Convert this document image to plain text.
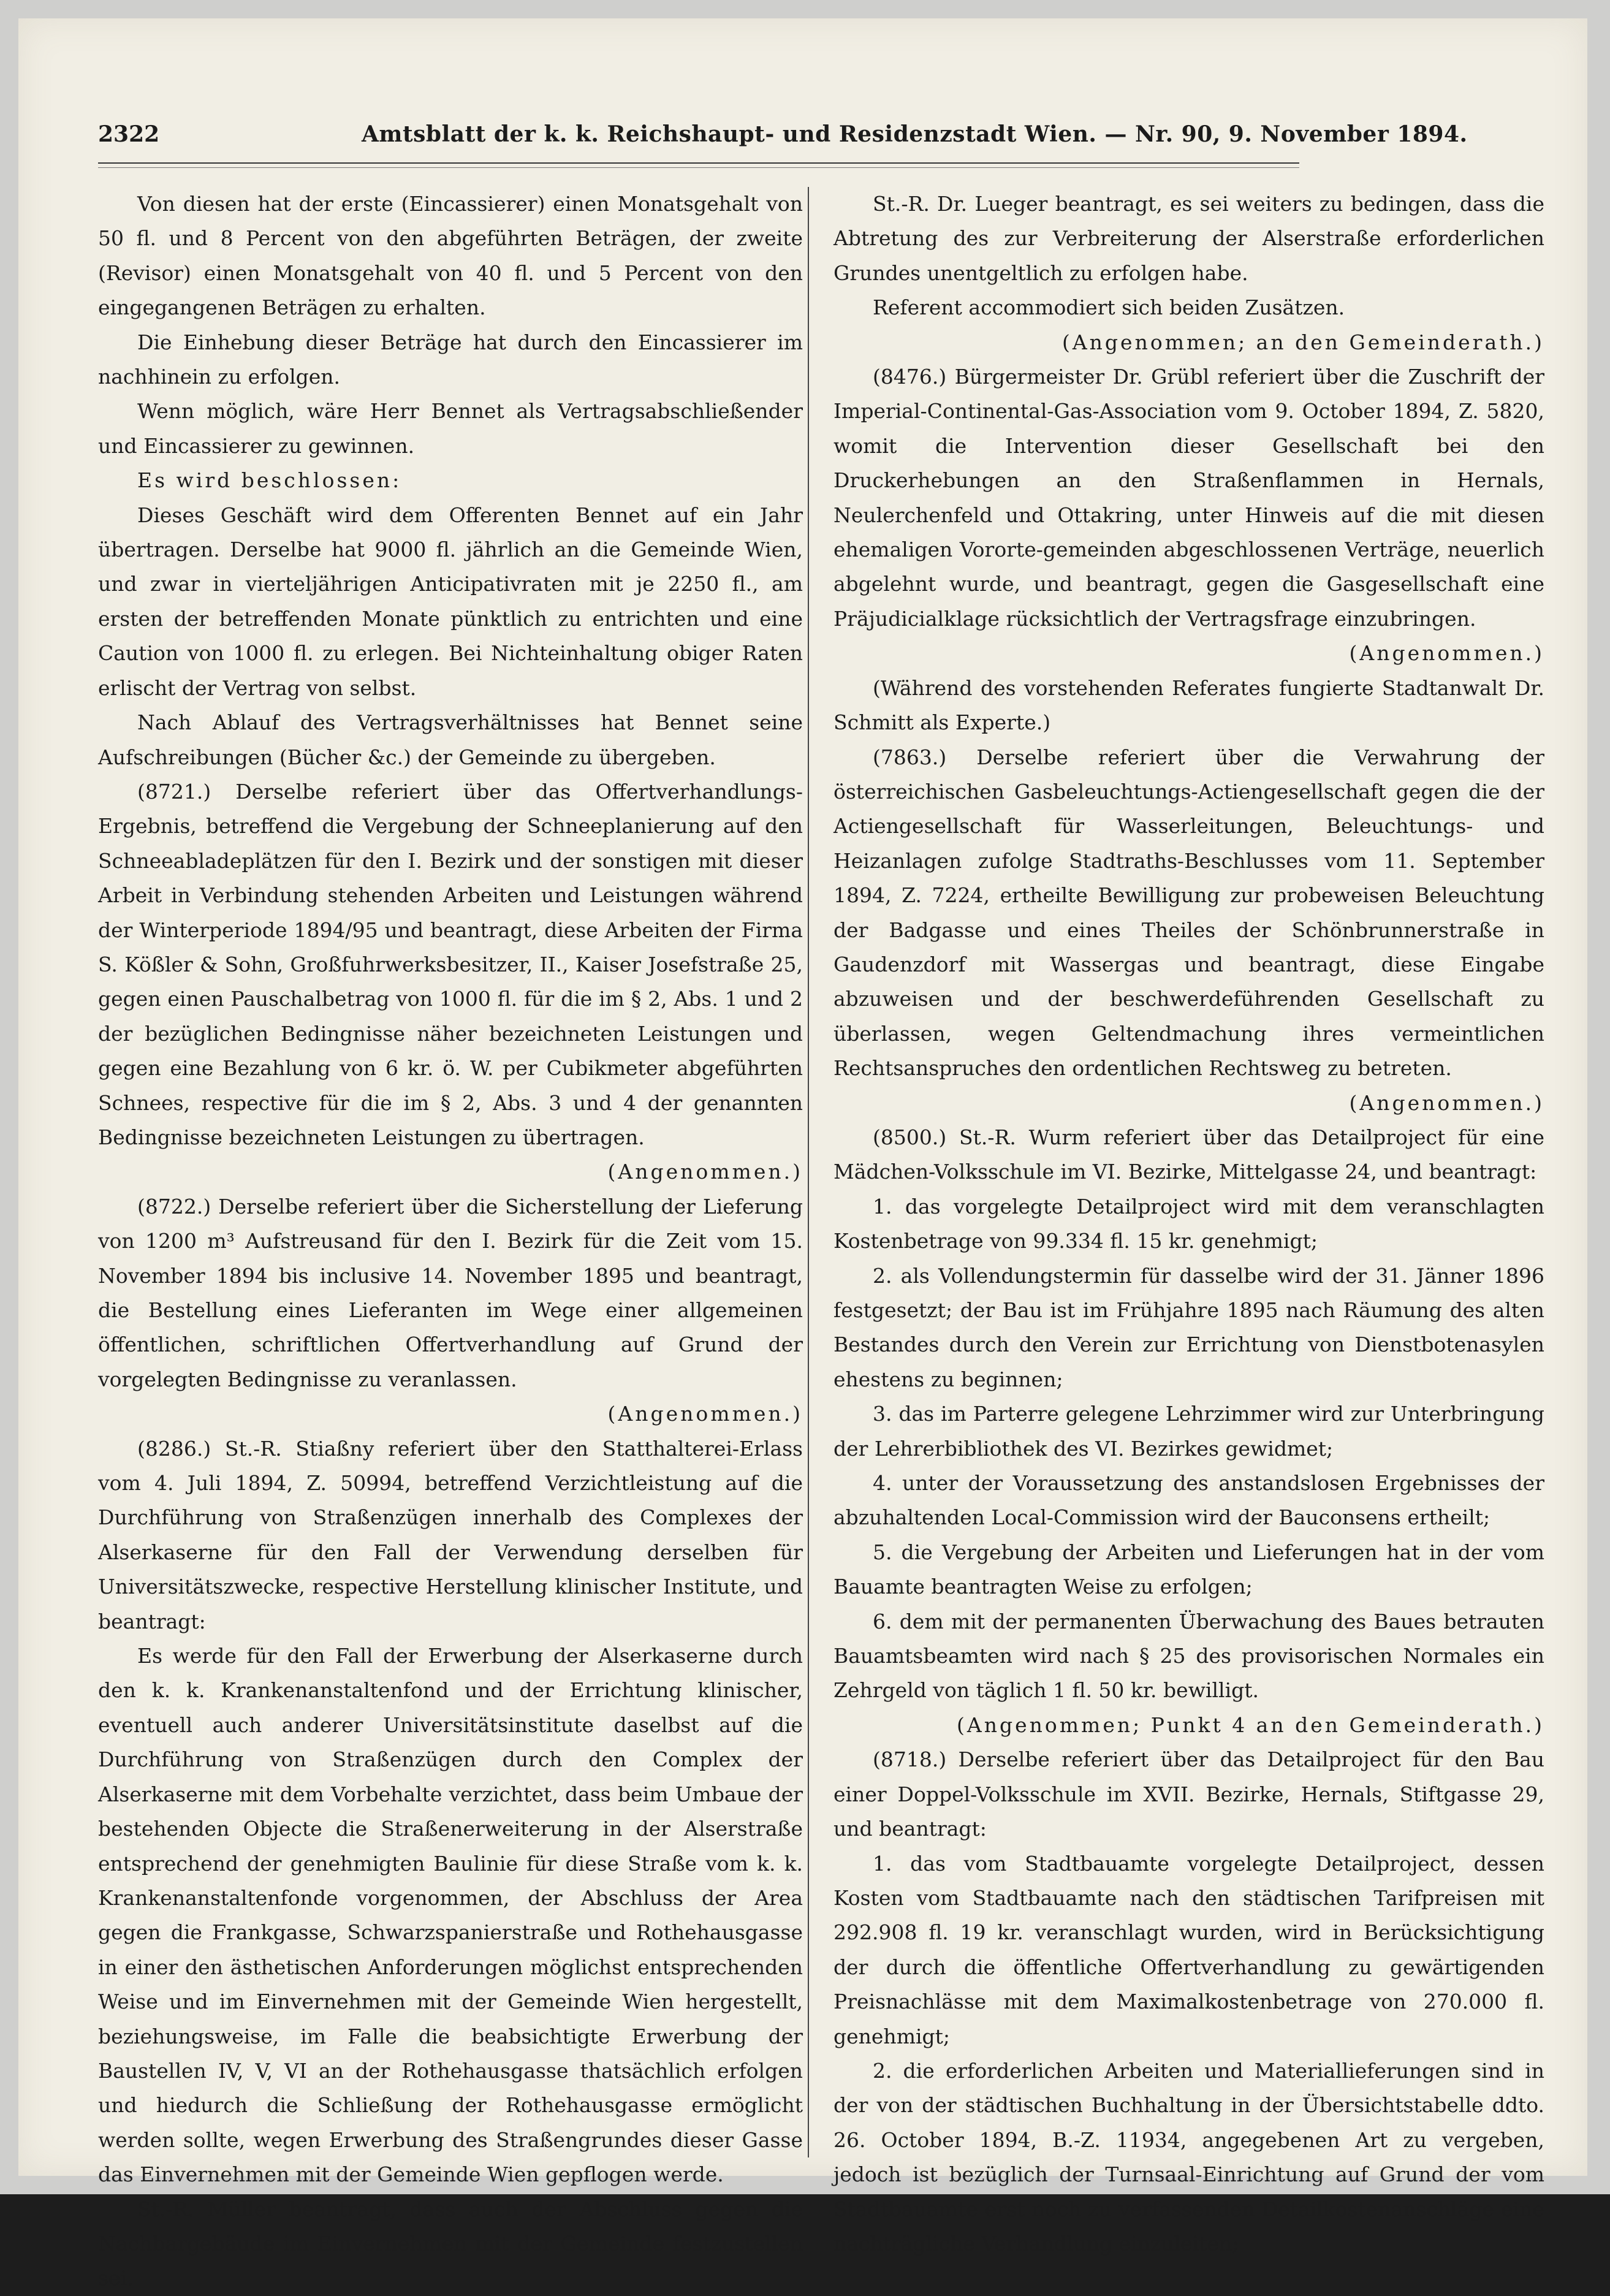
2322	Amtsblatt der k. k. Reichshaupt- und Residenzstadt Wien. — Nr. 90, 9. November 1894.

Von diesen hat der erste (Eincassierer) einen Monatsgehalt von 50 fl. und 8 Percent von den abgeführten Beträgen, der zweite (Revisor) einen Monatsgehalt von 40 fl. und 5 Percent von den eingegangenen Beträgen zu erhalten.

Die Einhebung dieser Beträge hat durch den Eincassierer im nachhinein zu erfolgen.

Wenn möglich, wäre Herr Bennet als Vertragsabschließender und Eincassierer zu gewinnen.

Es wird beschlossen:

Dieses Geschäft wird dem Offerenten Bennet auf ein Jahr übertragen. Derselbe hat 9000 fl. jährlich an die Gemeinde Wien, und zwar in vierteljährigen Anticipativraten mit je 2250 fl., am ersten der betreffenden Monate pünktlich zu entrichten und eine Caution von 1000 fl. zu erlegen. Bei Nichteinhaltung obiger Raten erlischt der Vertrag von selbst.

Nach Ablauf des Vertragsverhältnisses hat Bennet seine Aufschreibungen (Bücher &c.) der Gemeinde zu übergeben.

(8721.) Derselbe referiert über das Offertverhandlungs-Ergebnis, betreffend die Vergebung der Schneeplanierung auf den Schneeabladeplätzen für den I. Bezirk und der sonstigen mit dieser Arbeit in Verbindung stehenden Arbeiten und Leistungen während der Winterperiode 1894/95 und beantragt, diese Arbeiten der Firma S. Kößler & Sohn, Großfuhrwerksbesitzer, II., Kaiser Josefstraße 25, gegen einen Pauschalbetrag von 1000 fl. für die im § 2, Abs. 1 und 2 der bezüglichen Bedingnisse näher bezeichneten Leistungen und gegen eine Bezahlung von 6 kr. ö. W. per Cubikmeter abgeführten Schnees, respective für die im § 2, Abs. 3 und 4 der genannten Bedingnisse bezeichneten Leistungen zu übertragen.

(Angenommen.)

(8722.) Derselbe referiert über die Sicherstellung der Lieferung von 1200 m³ Aufstreusand für den I. Bezirk für die Zeit vom 15. November 1894 bis inclusive 14. November 1895 und beantragt, die Bestellung eines Lieferanten im Wege einer allgemeinen öffentlichen, schriftlichen Offertverhandlung auf Grund der vorgelegten Bedingnisse zu veranlassen.

(Angenommen.)

(8286.) St.-R. Stiaßny referiert über den Statthalterei-Erlass vom 4. Juli 1894, Z. 50994, betreffend Verzichtleistung auf die Durchführung von Straßenzügen innerhalb des Complexes der Alserkaserne für den Fall der Verwendung derselben für Universitätszwecke, respective Herstellung klinischer Institute, und beantragt:

Es werde für den Fall der Erwerbung der Alserkaserne durch den k. k. Krankenanstaltenfond und der Errichtung klinischer, eventuell auch anderer Universitätsinstitute daselbst auf die Durchführung von Straßenzügen durch den Complex der Alserkaserne mit dem Vorbehalte verzichtet, dass beim Umbaue der bestehenden Objecte die Straßenerweiterung in der Alserstraße entsprechend der genehmigten Baulinie für diese Straße vom k. k. Krankenanstaltenfonde vorgenommen, der Abschluss der Area gegen die Frankgasse, Schwarzspanierstraße und Rothehausgasse in einer den ästhetischen Anforderungen möglichst entsprechenden Weise und im Einvernehmen mit der Gemeinde Wien hergestellt, beziehungsweise, im Falle die beabsichtigte Erwerbung der Baustellen IV, V, VI an der Rothehausgasse thatsächlich erfolgen und hiedurch die Schließung der Rothehausgasse ermöglicht werden sollte, wegen Erwerbung des Straßengrundes dieser Gasse das Einvernehmen mit der Gemeinde Wien gepflogen werde.

St.-R. Müller beantragt, dass auch der Abschluss gegen die Nachbargebäude im Einvernehmen mit der Gemeinde festzustellen sei.

St.-R. Dr. Lueger beantragt, es sei weiters zu bedingen, dass die Abtretung des zur Verbreiterung der Alserstraße erforderlichen Grundes unentgeltlich zu erfolgen habe.

Referent accommodiert sich beiden Zusätzen.

(Angenommen; an den Gemeinderath.)

(8476.) Bürgermeister Dr. Grübl referiert über die Zuschrift der Imperial-Continental-Gas-Association vom 9. October 1894, Z. 5820, womit die Intervention dieser Gesellschaft bei den Druckerhebungen an den Straßenflammen in Hernals, Neulerchenfeld und Ottakring, unter Hinweis auf die mit diesen ehemaligen Vororte-gemeinden abgeschlossenen Verträge, neuerlich abgelehnt wurde, und beantragt, gegen die Gasgesellschaft eine Präjudicialklage rücksichtlich der Vertragsfrage einzubringen.

(Angenommen.)

(Während des vorstehenden Referates fungierte Stadtanwalt Dr. Schmitt als Experte.)

(7863.) Derselbe referiert über die Verwahrung der österreichischen Gasbeleuchtungs-Actiengesellschaft gegen die der Actiengesellschaft für Wasserleitungen, Beleuchtungs- und Heizanlagen zufolge Stadtraths-Beschlusses vom 11. September 1894, Z. 7224, ertheilte Bewilligung zur probeweisen Beleuchtung der Badgasse und eines Theiles der Schönbrunnerstraße in Gaudenzdorf mit Wassergas und beantragt, diese Eingabe abzuweisen und der beschwerdeführenden Gesellschaft zu überlassen, wegen Geltendmachung ihres vermeintlichen Rechtsanspruches den ordentlichen Rechtsweg zu betreten.

(Angenommen.)

(8500.) St.-R. Wurm referiert über das Detailproject für eine Mädchen-Volksschule im VI. Bezirke, Mittelgasse 24, und beantragt:

1. das vorgelegte Detailproject wird mit dem veranschlagten Kostenbetrage von 99.334 fl. 15 kr. genehmigt;

2. als Vollendungstermin für dasselbe wird der 31. Jänner 1896 festgesetzt; der Bau ist im Frühjahre 1895 nach Räumung des alten Bestandes durch den Verein zur Errichtung von Dienstbotenasylen ehestens zu beginnen;

3. das im Parterre gelegene Lehrzimmer wird zur Unterbringung der Lehrerbibliothek des VI. Bezirkes gewidmet;

4. unter der Voraussetzung des anstandslosen Ergebnisses der abzuhaltenden Local-Commission wird der Bauconsens ertheilt;

5. die Vergebung der Arbeiten und Lieferungen hat in der vom Bauamte beantragten Weise zu erfolgen;

6. dem mit der permanenten Überwachung des Baues betrauten Bauamtsbeamten wird nach § 25 des provisorischen Normales ein Zehrgeld von täglich 1 fl. 50 kr. bewilligt.

(Angenommen; Punkt 4 an den Gemeinderath.)

(8718.) Derselbe referiert über das Detailproject für den Bau einer Doppel-Volksschule im XVII. Bezirke, Hernals, Stiftgasse 29, und beantragt:

1. das vom Stadtbauamte vorgelegte Detailproject, dessen Kosten vom Stadtbauamte nach den städtischen Tarifpreisen mit 292.908 fl. 19 kr. veranschlagt wurden, wird in Berücksichtigung der durch die öffentliche Offertverhandlung zu gewärtigenden Preisnachlässe mit dem Maximalkostenbetrage von 270.000 fl. genehmigt;

2. die erforderlichen Arbeiten und Materiallieferungen sind in der von der städtischen Buchhaltung in der Übersichtstabelle ddto. 26. October 1894, B.-Z. 11934, angegebenen Art zu vergeben, jedoch ist bezüglich der Turnsaal-Einrichtung auf Grund der vom Stadtbauamte erst noch zu verfassenden Detailkostenanschläge eine nachträgliche Verhandlung einzuleiten;
